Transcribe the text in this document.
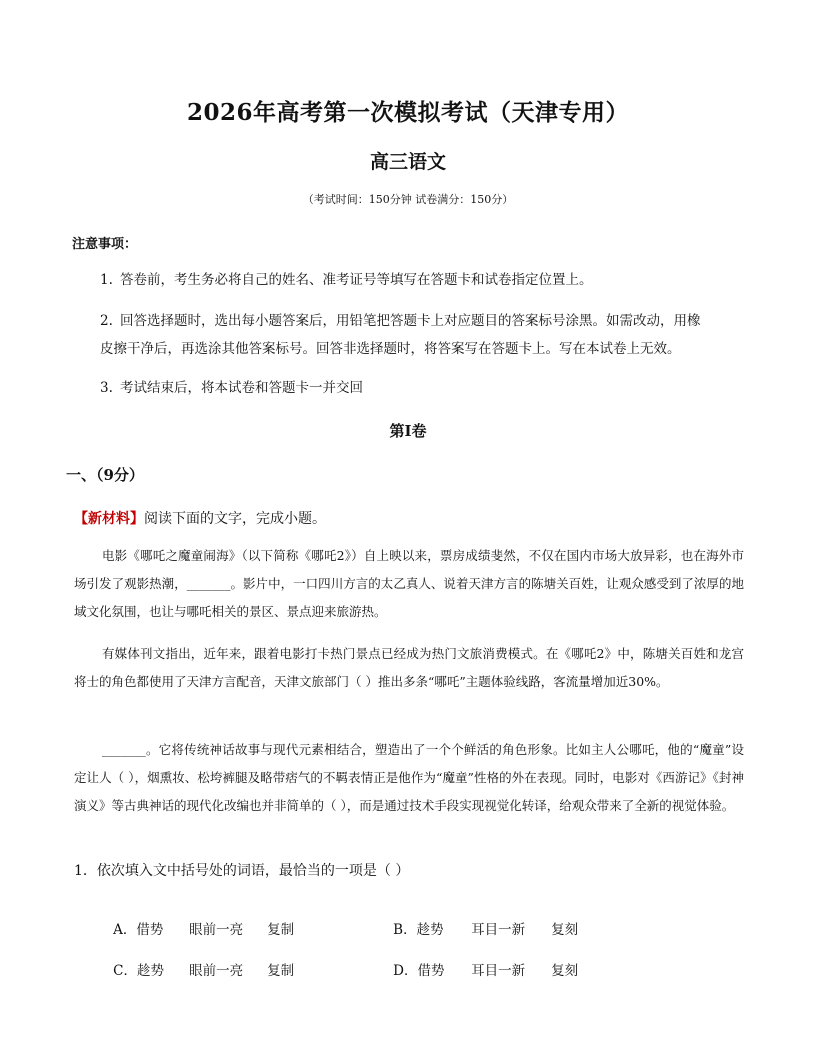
2026年高考第一次模拟考试（天津专用）
高三语文
（考试时间：150分钟 试卷满分：150分）
注意事项：
1. 答卷前，考生务必将自己的姓名、准考证号等填写在答题卡和试卷指定位置上。
2. 回答选择题时，选出每小题答案后，用铅笔把答题卡上对应题目的答案标号涂黑。如需改动，用橡
皮擦干净后，再选涂其他答案标号。回答非选择题时，将答案写在答题卡上。写在本试卷上无效。
3. 考试结束后，将本试卷和答题卡一并交回
第I卷
一、（9分）
【新材料】阅读下面的文字，完成小题。
电影《哪吒之魔童闹海》（以下简称《哪吒2》）自上映以来，票房成绩斐然，不仅在国内市场大放异彩，也在海外市场引发了观影热潮，_______。影片中，一口四川方言的太乙真人、说着天津方言的陈塘关百姓，让观众感受到了浓厚的地域文化氛围，也让与哪吒相关的景区、景点迎来旅游热。
有媒体刊文指出，近年来，跟着电影打卡热门景点已经成为热门文旅消费模式。在《哪吒2》中，陈塘关百姓和龙宫将士的角色都使用了天津方言配音，天津文旅部门（ ）推出多条“哪吒”主题体验线路，客流量增加近30%。
_______。它将传统神话故事与现代元素相结合，塑造出了一个个鲜活的角色形象。比如主人公哪吒，他的“魔童”设定让人（ ），烟熏妆、松垮裤腿及略带痞气的不羁表情正是他作为“魔童”性格的外在表现。同时，电影对《西游记》《封神演义》等古典神话的现代化改编也并非简单的（ ），而是通过技术手段实现视觉化转译，给观众带来了全新的视觉体验。
1．依次填入文中括号处的词语，最恰当的一项是（ ）

A．借势 眼前一亮 复制
	B．趁势 耳目一新 复刻

C．趁势 眼前一亮 复制
	D．借势 耳目一新 复刻
